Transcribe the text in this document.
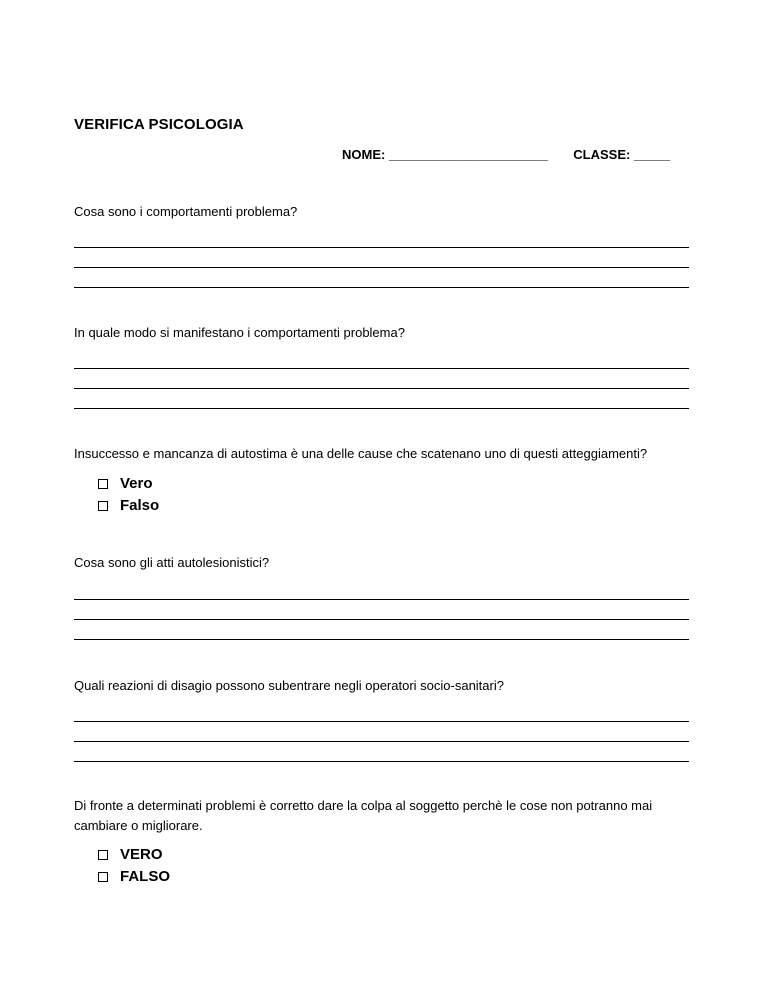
VERIFICA PSICOLOGIA
NOME: ______________________ CLASSE: _____
Cosa sono i comportamenti problema?
In quale modo si manifestano i comportamenti problema?
Insuccesso e mancanza di autostima è una delle cause che scatenano uno di questi atteggiamenti?
Vero
Falso
Cosa sono gli atti autolesionistici?
Quali reazioni di disagio possono subentrare negli operatori socio-sanitari?
Di fronte a determinati problemi è corretto dare la colpa al soggetto perchè le cose non potranno mai cambiare o migliorare.
VERO
FALSO
